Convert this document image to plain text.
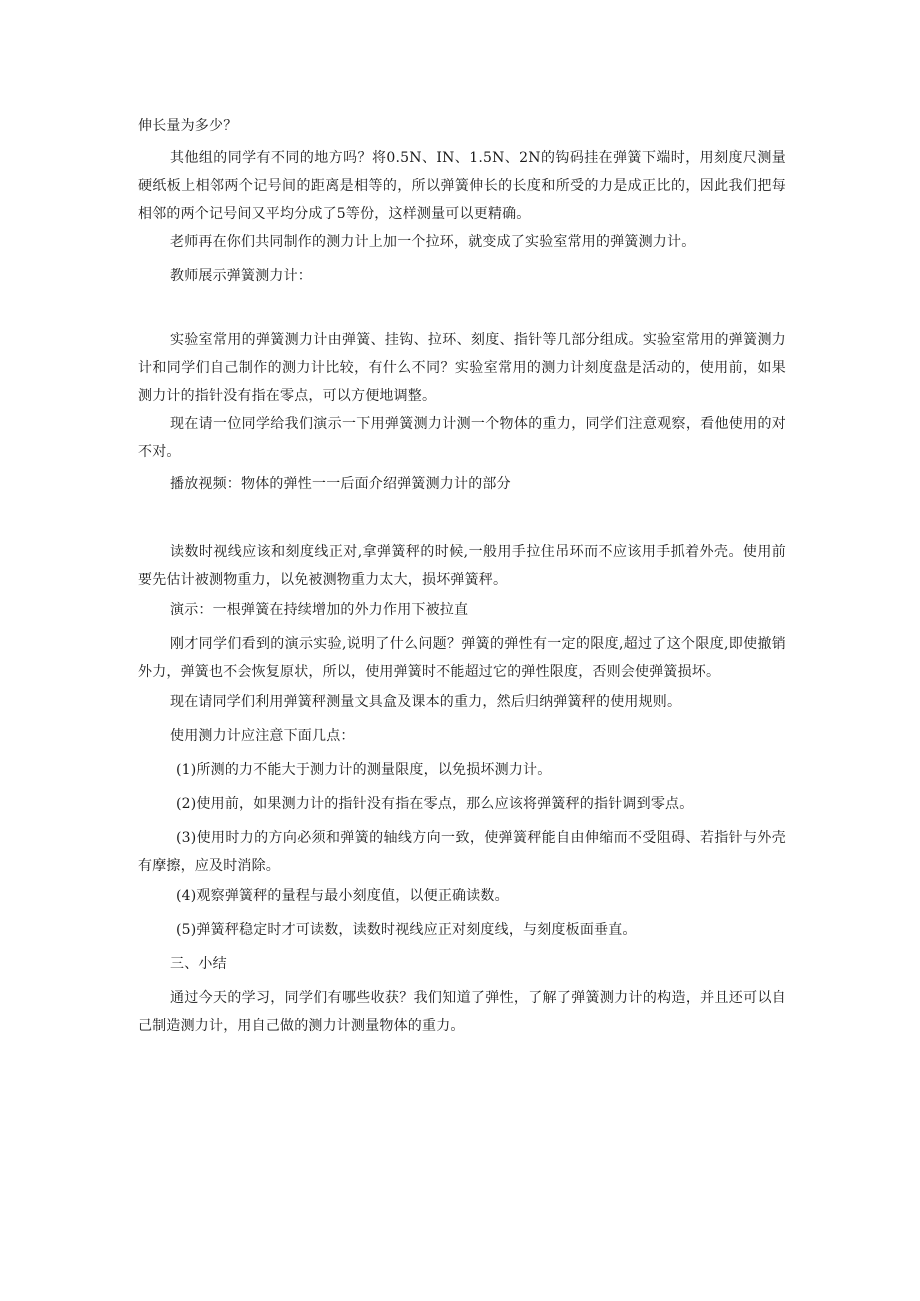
伸长量为多少？

其他组的同学有不同的地方吗？将0.5N、IN、1.5N、2N的钩码挂在弹簧下端时，用刻度尺测量硬纸板上相邻两个记号间的距离是相等的，所以弹簧伸长的长度和所受的力是成正比的，因此我们把每相邻的两个记号间又平均分成了5等份，这样测量可以更精确。

老师再在你们共同制作的测力计上加一个拉环，就变成了实验室常用的弹簧测力计。

教师展示弹簧测力计：

实验室常用的弹簧测力计由弹簧、挂钩、拉环、刻度、指针等几部分组成。实验室常用的弹簧测力计和同学们自己制作的测力计比较，有什么不同？实验室常用的测力计刻度盘是活动的，使用前，如果测力计的指针没有指在零点，可以方便地调整。

现在请一位同学给我们演示一下用弹簧测力计测一个物体的重力，同学们注意观察，看他使用的对不对。

播放视频：物体的弹性一一后面介绍弹簧测力计的部分

读数时视线应该和刻度线正对,拿弹簧秤的时候,一般用手拉住吊环而不应该用手抓着外壳。使用前要先估计被测物重力，以免被测物重力太大，损坏弹簧秤。

演示：一根弹簧在持续增加的外力作用下被拉直

刚才同学们看到的演示实验,说明了什么问题？弹簧的弹性有一定的限度,超过了这个限度,即使撤销外力，弹簧也不会恢复原状，所以，使用弹簧时不能超过它的弹性限度，否则会使弹簧损坏。

现在请同学们利用弹簧秤测量文具盒及课本的重力，然后归纳弹簧秤的使用规则。

使用测力计应注意下面几点：

(1)所测的力不能大于测力计的测量限度，以免损坏测力计。

(2)使用前，如果测力计的指针没有指在零点，那么应该将弹簧秤的指针调到零点。

(3)使用时力的方向必须和弹簧的轴线方向一致，使弹簧秤能自由伸缩而不受阻碍、若指针与外壳有摩擦，应及时消除。

(4)观察弹簧秤的量程与最小刻度值，以便正确读数。

(5)弹簧秤稳定时才可读数，读数时视线应正对刻度线，与刻度板面垂直。

三、小结

通过今天的学习，同学们有哪些收获？我们知道了弹性，了解了弹簧测力计的构造，并且还可以自己制造测力计，用自己做的测力计测量物体的重力。
